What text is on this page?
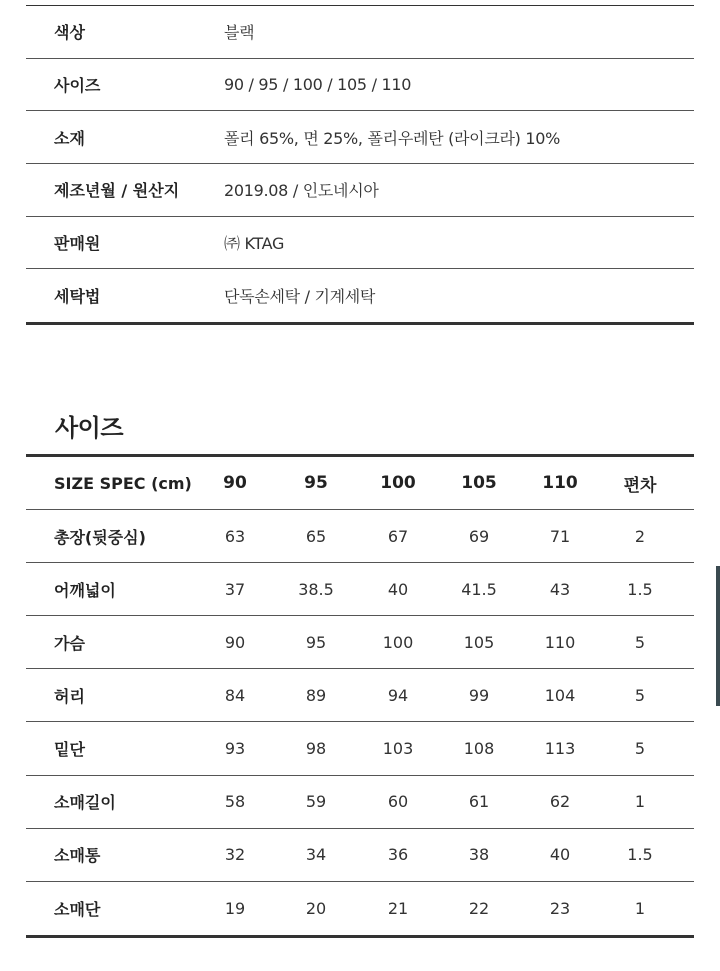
색상	블랙
사이즈	90 / 95 / 100 / 105 / 110
소재	폴리 65%, 면 25%, 폴리우레탄 (라이크라) 10%
제조년월 / 원산지	2019.08 / 인도네시아
판매원	㈜ KTAG
세탁법	단독손세탁 / 기계세탁
사이즈
SIZE SPEC (cm)	90	95	100	105	110	편차
총장(뒷중심)	63	65	67	69	71	2
어깨넓이	37	38.5	40	41.5	43	1.5
가슴	90	95	100	105	110	5
허리	84	89	94	99	104	5
밑단	93	98	103	108	113	5
소매길이	58	59	60	61	62	1
소매통	32	34	36	38	40	1.5
소매단	19	20	21	22	23	1
